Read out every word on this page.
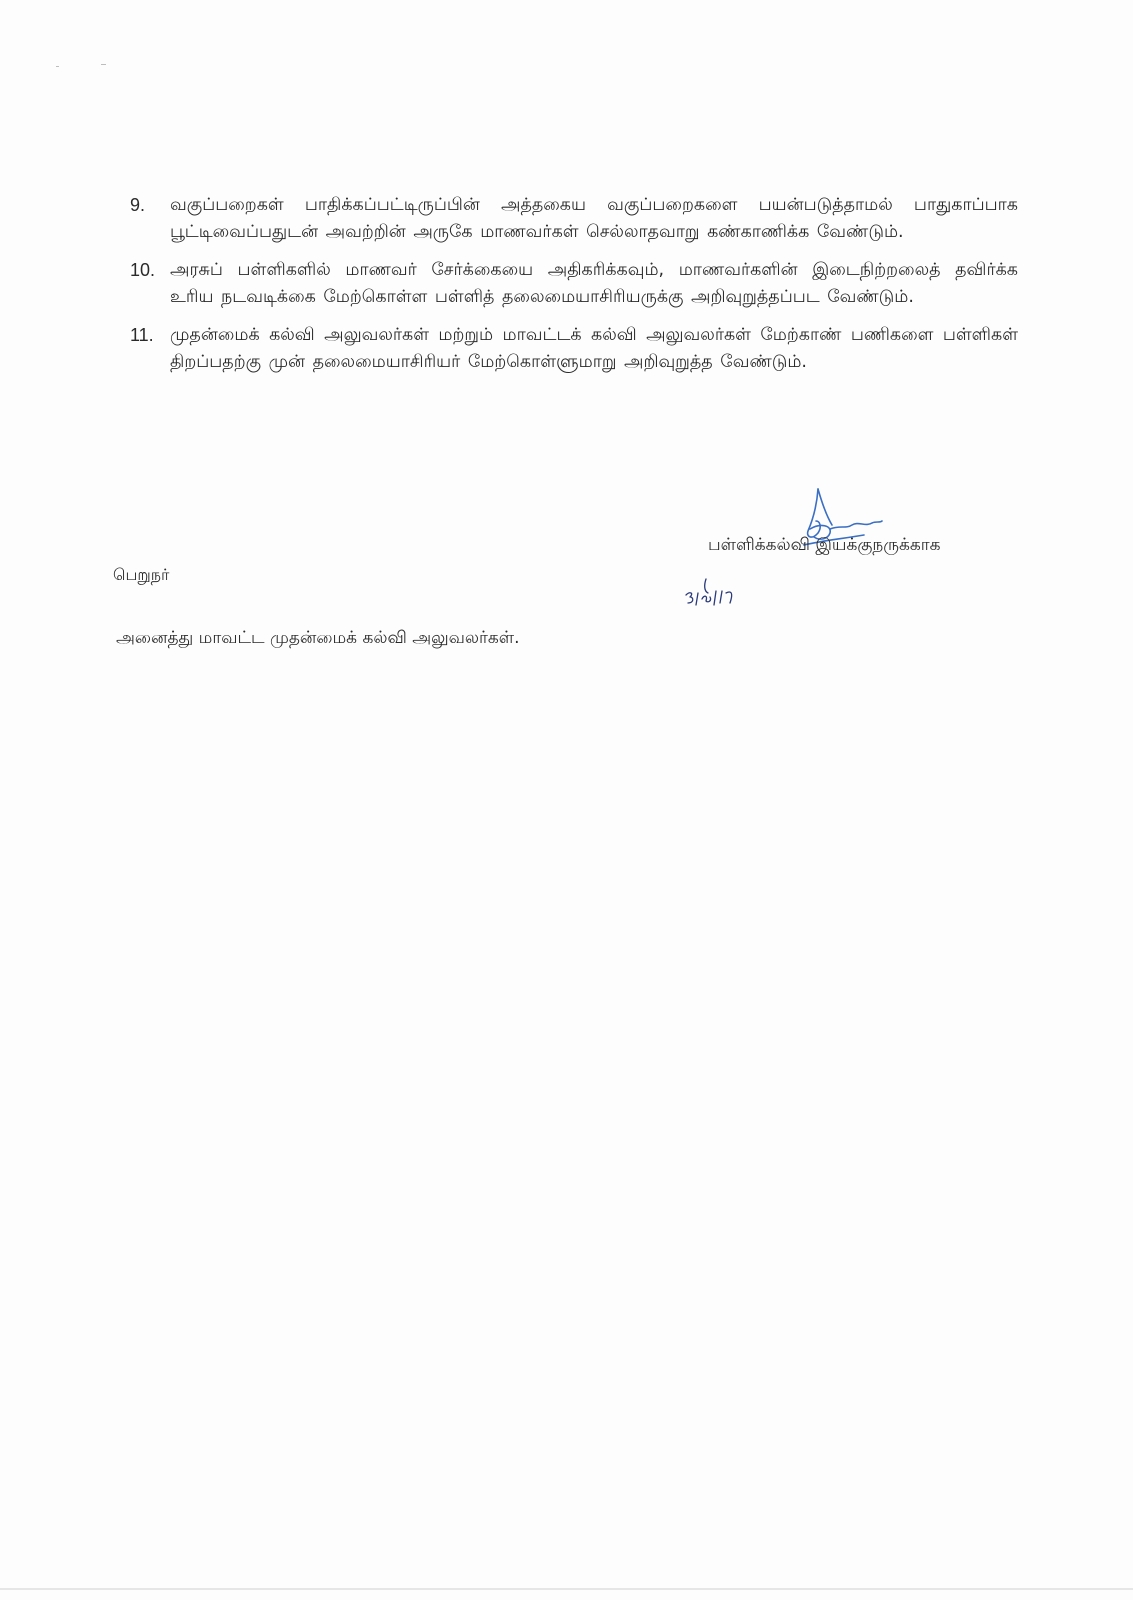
9.	வகுப்பறைகள் பாதிக்கப்பட்டிருப்பின் அத்தகைய வகுப்பறைகளை பயன்படுத்தாமல் பாதுகாப்பாக பூட்டிவைப்பதுடன் அவற்றின் அருகே மாணவர்கள் செல்லாதவாறு கண்காணிக்க வேண்டும்.
10. அரசுப் பள்ளிகளில் மாணவர் சேர்க்கையை அதிகரிக்கவும், மாணவர்களின் இடைநிற்றலைத் தவிர்க்க உரிய நடவடிக்கை மேற்கொள்ள பள்ளித் தலைமையாசிரியருக்கு அறிவுறுத்தப்பட வேண்டும்.
11. முதன்மைக் கல்வி அலுவலர்கள் மற்றும் மாவட்டக் கல்வி அலுவலர்கள் மேற்காண் பணிகளை பள்ளிகள் திறப்பதற்கு முன் தலைமையாசிரியர் மேற்கொள்ளுமாறு அறிவுறுத்த வேண்டும்.
பள்ளிக்கல்வி இயக்குநருக்காக
பெறுநர்
அனைத்து மாவட்ட முதன்மைக் கல்வி அலுவலர்கள்.
